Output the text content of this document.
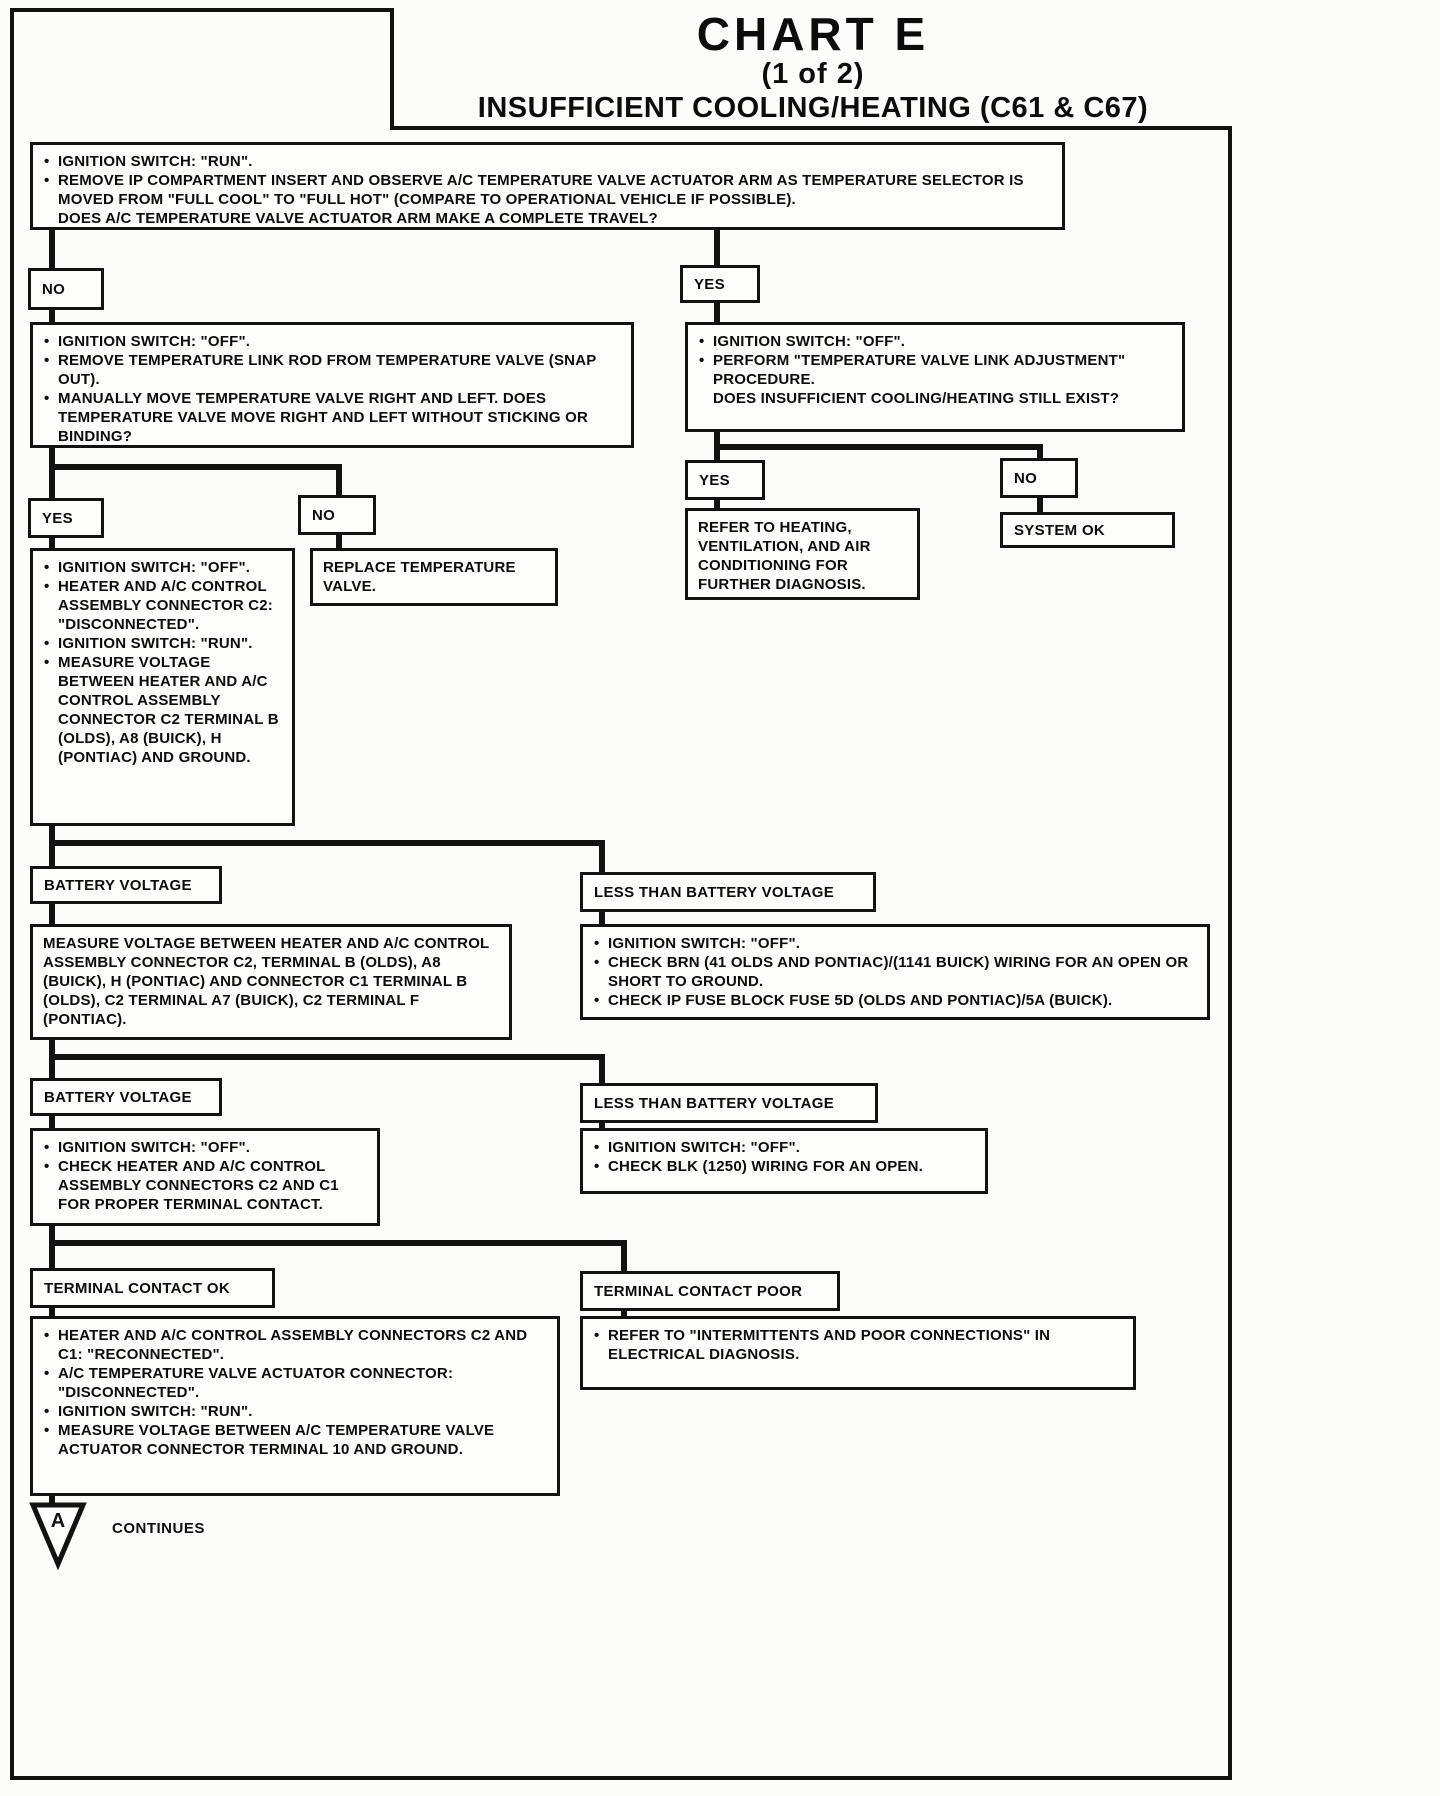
CHART E
(1 of 2)
INSUFFICIENT COOLING/HEATING (C61 & C67)
• IGNITION SWITCH: "RUN".
• REMOVE IP COMPARTMENT INSERT AND OBSERVE A/C TEMPERATURE VALVE ACTUATOR ARM AS TEMPERATURE SELECTOR IS MOVED FROM "FULL COOL" TO "FULL HOT" (COMPARE TO OPERATIONAL VEHICLE IF POSSIBLE).
DOES A/C TEMPERATURE VALVE ACTUATOR ARM MAKE A COMPLETE TRAVEL?
NO	YES
• IGNITION SWITCH: "OFF".
• REMOVE TEMPERATURE LINK ROD FROM TEMPERATURE VALVE (SNAP OUT).
• MANUALLY MOVE TEMPERATURE VALVE RIGHT AND LEFT. DOES TEMPERATURE VALVE MOVE RIGHT AND LEFT WITHOUT STICKING OR BINDING?
• IGNITION SWITCH: "OFF".
• PERFORM "TEMPERATURE VALVE LINK ADJUSTMENT" PROCEDURE.
DOES INSUFFICIENT COOLING/HEATING STILL EXIST?
YES	NO
REFER TO HEATING, VENTILATION, AND AIR CONDITIONING FOR FURTHER DIAGNOSIS.
SYSTEM OK
YES	NO
REPLACE TEMPERATURE VALVE.
• IGNITION SWITCH: "OFF".
• HEATER AND A/C CONTROL ASSEMBLY CONNECTOR C2: "DISCONNECTED".
• IGNITION SWITCH: "RUN".
• MEASURE VOLTAGE BETWEEN HEATER AND A/C CONTROL ASSEMBLY CONNECTOR C2 TERMINAL B (OLDS), A8 (BUICK), H (PONTIAC) AND GROUND.
BATTERY VOLTAGE	LESS THAN BATTERY VOLTAGE
MEASURE VOLTAGE BETWEEN HEATER AND A/C CONTROL ASSEMBLY CONNECTOR C2, TERMINAL B (OLDS), A8 (BUICK), H (PONTIAC) AND CONNECTOR C1 TERMINAL B (OLDS), C2 TERMINAL A7 (BUICK), C2 TERMINAL F (PONTIAC).
• IGNITION SWITCH: "OFF".
• CHECK BRN (41 OLDS AND PONTIAC)/(1141 BUICK) WIRING FOR AN OPEN OR SHORT TO GROUND.
• CHECK IP FUSE BLOCK FUSE 5D (OLDS AND PONTIAC)/5A (BUICK).
BATTERY VOLTAGE	LESS THAN BATTERY VOLTAGE
• IGNITION SWITCH: "OFF".
• CHECK HEATER AND A/C CONTROL ASSEMBLY CONNECTORS C2 AND C1 FOR PROPER TERMINAL CONTACT.
• IGNITION SWITCH: "OFF".
• CHECK BLK (1250) WIRING FOR AN OPEN.
TERMINAL CONTACT OK	TERMINAL CONTACT POOR
• HEATER AND A/C CONTROL ASSEMBLY CONNECTORS C2 AND C1: "RECONNECTED".
• A/C TEMPERATURE VALVE ACTUATOR CONNECTOR: "DISCONNECTED".
• IGNITION SWITCH: "RUN".
• MEASURE VOLTAGE BETWEEN A/C TEMPERATURE VALVE ACTUATOR CONNECTOR TERMINAL 10 AND GROUND.
• REFER TO "INTERMITTENTS AND POOR CONNECTIONS" IN ELECTRICAL DIAGNOSIS.
A	CONTINUES
